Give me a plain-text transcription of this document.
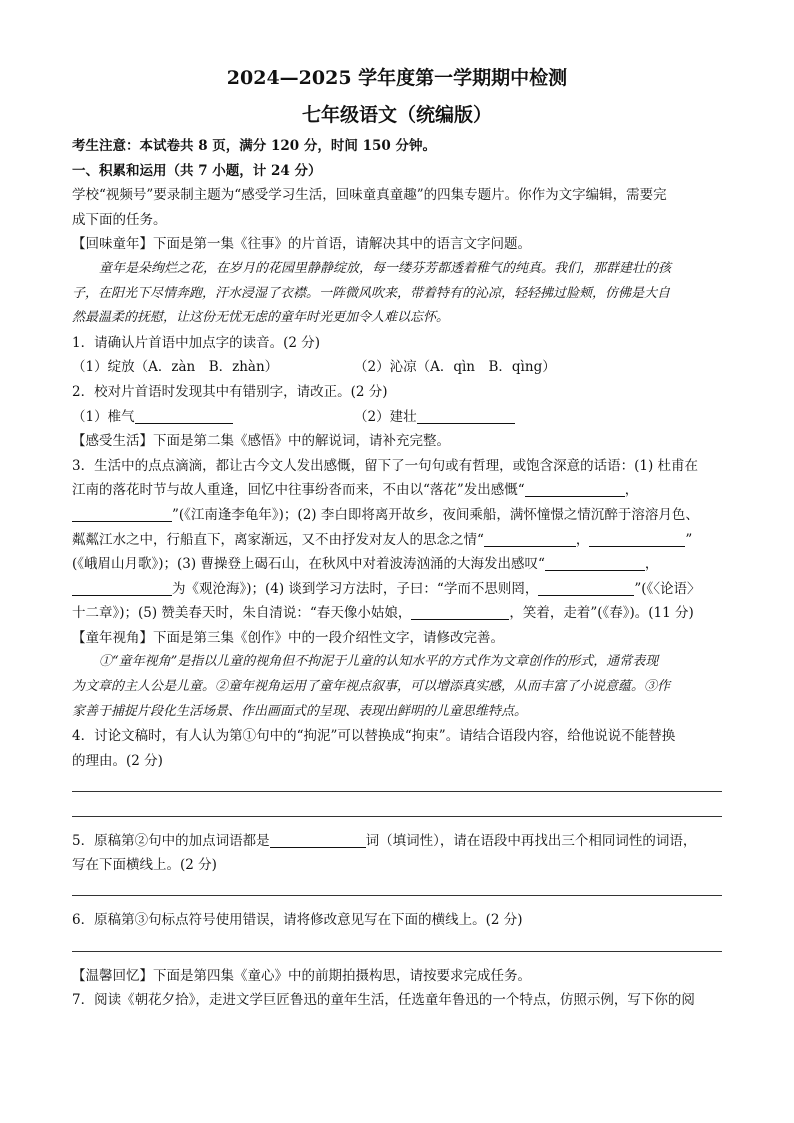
2024—2025 学年度第一学期期中检测
七年级语文（统编版）
考生注意：本试卷共 8 页，满分 120 分，时间 150 分钟。
一、积累和运用（共 7 小题，计 24 分）
学校“视频号”要录制主题为“感受学习生活，回味童真童趣”的四集专题片。你作为文字编辑，需要完
成下面的任务。
【回味童年】下面是第一集《往事》的片首语，请解决其中的语言文字问题。
童年是朵绚烂之花，在岁月的花园里静静绽放，每一缕芬芳都透着稚气的纯真。我们，那群建壮的孩
子，在阳光下尽情奔跑，汗水浸湿了衣襟。一阵微风吹来，带着特有的沁凉，轻轻拂过脸颊，仿佛是大自
然最温柔的抚慰，让这份无忧无虑的童年时光更加令人难以忘怀。
1．请确认片首语中加点字的读音。(2 分)
（1）绽放（A．zàn　B．zhàn）	（2）沁凉（A．qìn　B．qìng）
2．校对片首语时发现其中有错别字，请改正。(2 分)
（1）椎气	（2）建壮
【感受生活】下面是第二集《感悟》中的解说词，请补充完整。
3．生活中的点点滴滴，都让古今文人发出感慨，留下了一句句或有哲理，或饱含深意的话语：(1) 杜甫在
江南的落花时节与故人重逢，回忆中往事纷沓而来，不由以“落花”发出感慨“	，
”(《江南逢李龟年》)；(2) 李白即将离开故乡，夜间乘船，满怀憧憬之情沉醉于溶溶月色、
粼粼江水之中，行船直下，离家渐远，又不由抒发对友人的思念之情“	，	”
(《峨眉山月歌》)；(3) 曹操登上碣石山，在秋风中对着波涛汹涌的大海发出感叹“	，
为《观沧海》)；(4) 谈到学习方法时，子曰：“学而不思则罔，	”(《〈论语〉
十二章》)；(5) 赞美春天时，朱自清说：“春天像小姑娘，	，笑着，走着”(《春》)。(11 分)
【童年视角】下面是第三集《创作》中的一段介绍性文字，请修改完善。
①“童年视角”是指以儿童的视角但不拘泥于儿童的认知水平的方式作为文章创作的形式，通常表现
为文章的主人公是儿童。②童年视角运用了童年视点叙事，可以增添真实感，从而丰富了小说意蕴。③作
家善于捕捉片段化生活场景、作出画面式的呈现、表现出鲜明的儿童思维特点。
4．讨论文稿时，有人认为第①句中的“拘泥”可以替换成“拘束”。请结合语段内容，给他说说不能替换
的理由。(2 分)
5．原稿第②句中的加点词语都是	词（填词性），请在语段中再找出三个相同词性的词语，
写在下面横线上。(2 分)
6．原稿第③句标点符号使用错误，请将修改意见写在下面的横线上。(2 分)
【温馨回忆】下面是第四集《童心》中的前期拍摄构思，请按要求完成任务。
7．阅读《朝花夕拾》，走进文学巨匠鲁迅的童年生活，任选童年鲁迅的一个特点，仿照示例，写下你的阅
